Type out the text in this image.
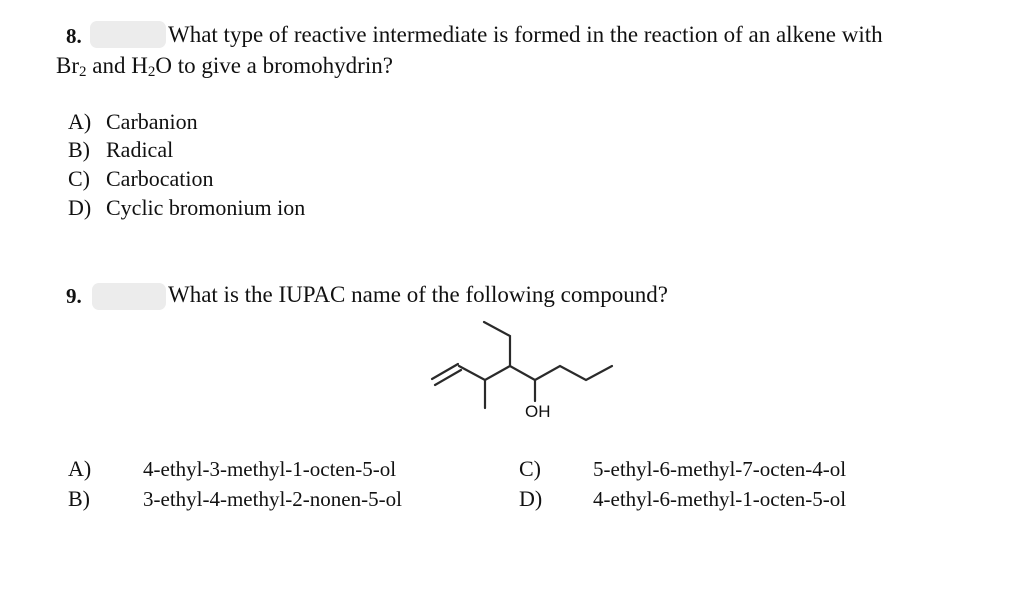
8.	What type of reactive intermediate is formed in the reaction of an alkene with
$Br_2$ and $H_2O$ to give a bromohydrin?
A) Carbanion
B) Radical
C) Carbocation
D) Cyclic bromonium ion
9.	What is the IUPAC name of the following compound?
OH
A) 4-ethyl-3-methyl-1-octen-5-ol
B)	3-ethyl-4-methyl-2-nonen-5-ol
C) 5-ethyl-6-methyl-7-octen-4-ol
D) 4-ethyl-6-methyl-1-octen-5-ol
